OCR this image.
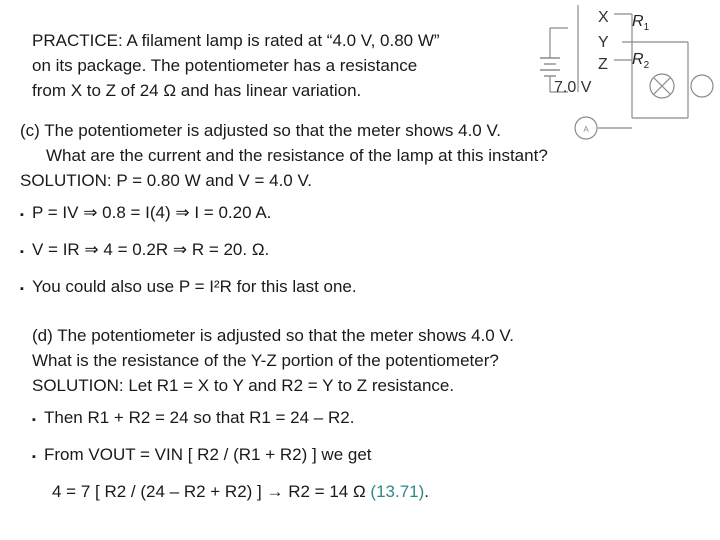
PRACTICE: A filament lamp is rated at “4.0 V, 0.80 W”
on its package. The potentiometer has a resistance
from X to Z of 24 Ω and has linear variation.
A
X
Y
Z
7.0 V
$R_1$
$R_2$
(c) The potentiometer is adjusted so that the meter shows 4.0 V.
What are the current and the resistance of the lamp at this instant?
SOLUTION: P = 0.80 W and V = 4.0 V.
▪ P = IV ⇒ 0.8 = I(4) ⇒ I = 0.20 A.
▪ V = IR ⇒ 4 = 0.2R ⇒ R = 20. Ω.
▪ You could also use P = I²R for this last one.
(d) The potentiometer is adjusted so that the meter shows 4.0 V.
What is the resistance of the Y-Z portion of the potentiometer?
SOLUTION: Let R1 = X to Y and R2 = Y to Z resistance.
▪ Then R1 + R2 = 24 so that R1 = 24 – R2.
▪ From VOUT = VIN [ R2 / (R1 + R2) ] we get
4 = 7 [ R2 / (24 – R2 + R2) ] → R2 = 14 Ω (13.71).
